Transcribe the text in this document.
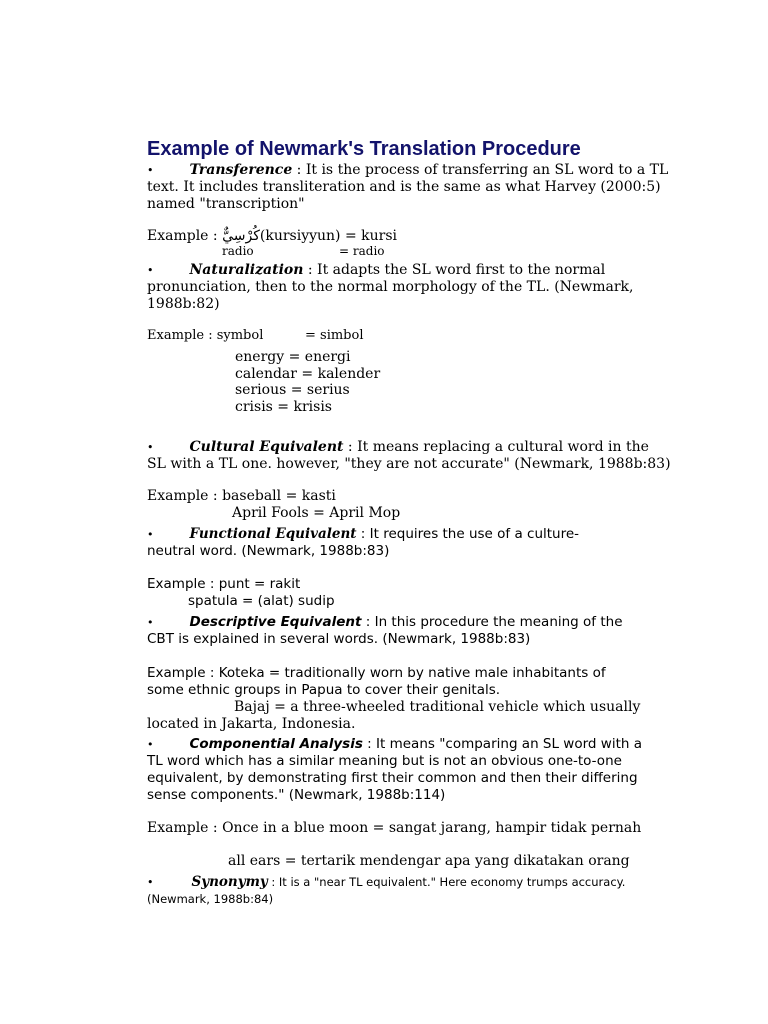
Example of Newmark's Translation Procedure
•	Transference : It is the process of transferring an SL word to a TL
text. It includes transliteration and is the same as what Harvey (2000:5)
named "transcription"
Example : كُرْسِيٌّ(kursiyyun) = kursi
radio	= radio
•	Naturalization : It adapts the SL word first to the normal
pronunciation, then to the normal morphology of the TL. (Newmark,
1988b:82)
Example : symbol	= simbol
energy = energi
calendar = kalender
serious = serius
crisis = krisis
•	Cultural Equivalent : It means replacing a cultural word in the
SL with a TL one. however, "they are not accurate" (Newmark, 1988b:83)
Example : baseball = kasti
April Fools = April Mop
•	Functional Equivalent : It requires the use of a culture-
neutral word. (Newmark, 1988b:83)
Example : punt = rakit
spatula = (alat) sudip
•	Descriptive Equivalent : In this procedure the meaning of the
CBT is explained in several words. (Newmark, 1988b:83)
Example : Koteka = traditionally worn by native male inhabitants of
some ethnic groups in Papua to cover their genitals.
Bajaj = a three-wheeled traditional vehicle which usually
located in Jakarta, Indonesia.
•	Componential Analysis : It means "comparing an SL word with a
TL word which has a similar meaning but is not an obvious one-to-one
equivalent, by demonstrating first their common and then their differing
sense components." (Newmark, 1988b:114)
Example : Once in a blue moon = sangat jarang, hampir tidak pernah
all ears = tertarik mendengar apa yang dikatakan orang
•	Synonymy : It is a "near TL equivalent." Here economy trumps accuracy.
(Newmark, 1988b:84)
